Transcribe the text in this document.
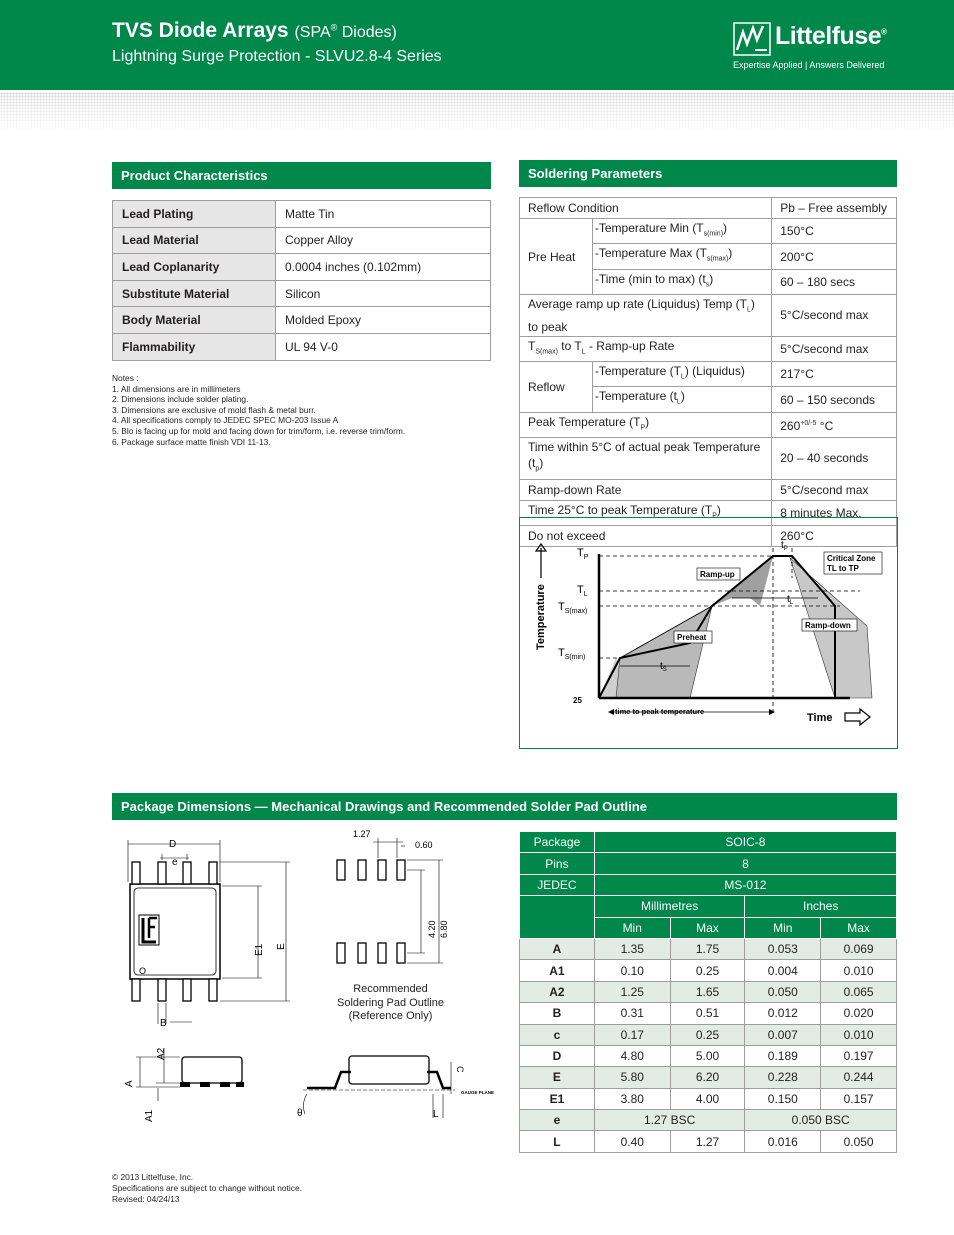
TVS Diode Arrays (SPA® Diodes)
Lightning Surge Protection - SLVU2.8-4 Series
Littelfuse®
Expertise Applied | Answers Delivered
Product Characteristics
Lead Plating	Matte Tin
Lead Material	Copper Alloy
Lead Coplanarity	0.0004 inches (0.102mm)
Substitute Material	Silicon
Body Material	Molded Epoxy
Flammability	UL 94 V-0
Notes :
1. All dimensions are in millimeters
2. Dimensions include solder plating.
3. Dimensions are exclusive of mold flash & metal burr.
4. All specifications comply to JEDEC SPEC MO-203 Issue A
5. Blo is facing up for mold and facing down for trim/form, i.e. reverse trim/form.
6. Package surface matte finish VDI 11-13.
Soldering Parameters
Reflow Condition		Pb – Free assembly
Pre Heat	-Temperature Min $(T_{s(min)})$	150°C
	-Temperature Max $(T_{s(max)})$	200°C
	-Time (min to max) $(t_s)$	60 – 180 secs
Average ramp up rate (Liquidus) Temp $(T_L)$ to peak		5°C/second max
$T_{S(max)}$ to $T_L$ - Ramp-up Rate		5°C/second max
Reflow	-Temperature $(T_L)$ (Liquidus)	217°C
	-Temperature $(t_L)$	60 – 150 seconds
Peak Temperature $(T_P)$		$260^{+0/-5}$ °C
Time within 5°C of actual peak Temperature $(t_p)$		20 – 40 seconds
Ramp-down Rate		5°C/second max
Time 25°C to peak Temperature $(T_P)$		8 minutes Max.
Do not exceed		260°C
$T_P$
$T_L$
$T_{S(max)}$
$T_{S(min)}$
25
Temperature
Time
Ramp-up
Preheat
Ramp-down
Critical Zone
TL to TP
time to peak temperature
$t_P$
$t_L$
$t_S$
Package Dimensions — Mechanical Drawings and Recommended Solder Pad Outline
D
e
E1 E
B
O
A2
A
A1
1.27
0.60
4.20 6.80
Recommended
Soldering Pad Outline
(Reference Only)
C
L
θ
GAUGE PLANE
Package	SOIC-8			
Pins	8			
JEDEC	MS-012			
	Millimetres		Inches	
	Min	Max	Min	Max
A	1.35	1.75	0.053	0.069
A1	0.10	0.25	0.004	0.010
A2	1.25	1.65	0.050	0.065
B	0.31	0.51	0.012	0.020
c	0.17	0.25	0.007	0.010
D	4.80	5.00	0.189	0.197
E	5.80	6.20	0.228	0.244
E1	3.80	4.00	0.150	0.157
e	1.27 BSC		0.050 BSC	
L	0.40	1.27	0.016	0.050
© 2013 Littelfuse, Inc.
Specifications are subject to change without notice.
Revised: 04/24/13
